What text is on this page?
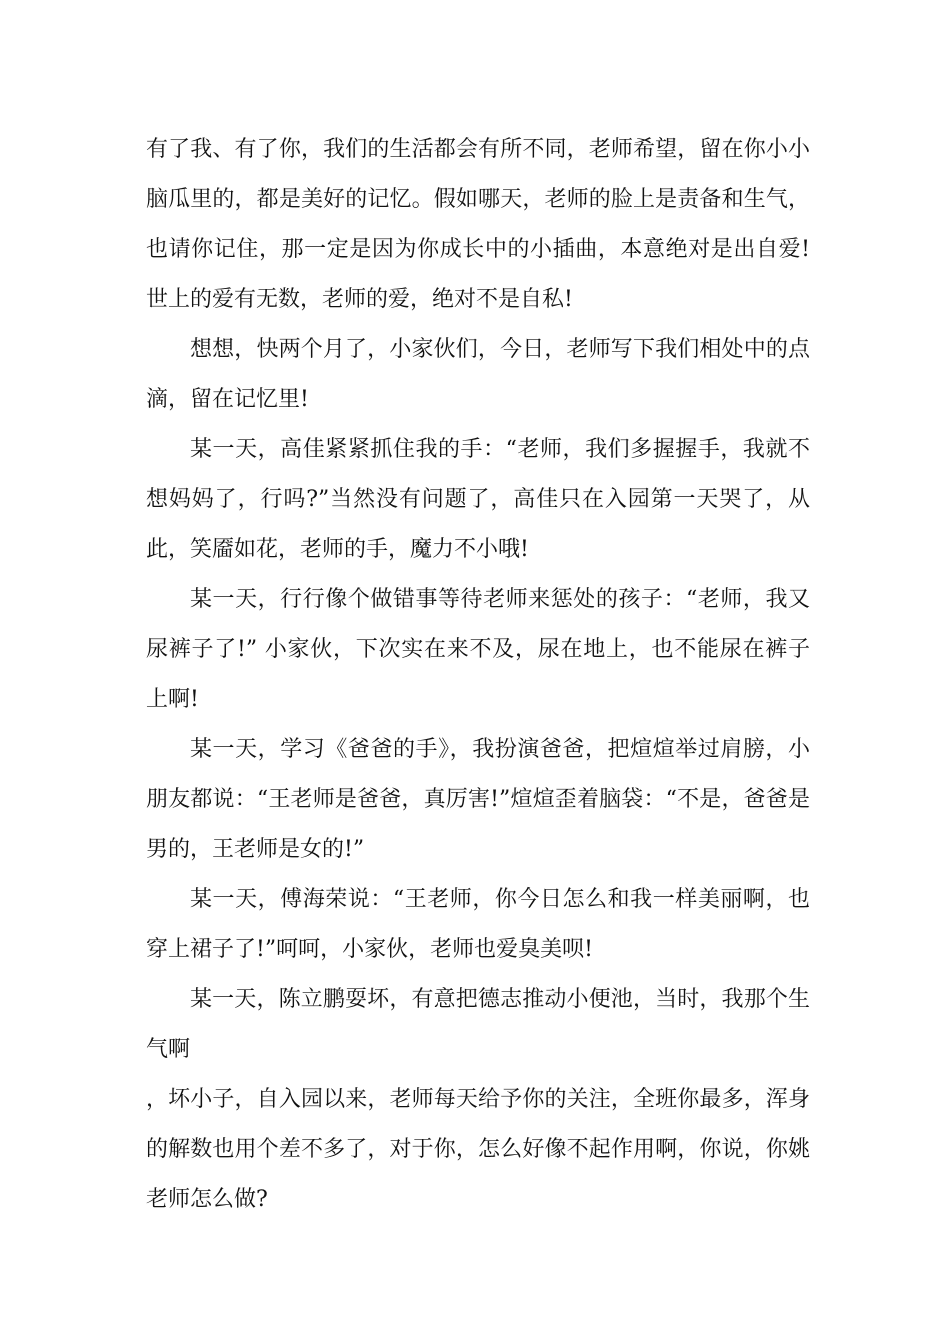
有了我、有了你，我们的生活都会有所不同，老师希望，留在你小小脑瓜里的，都是美好的记忆。假如哪天，老师的脸上是责备和生气，也请你记住，那一定是因为你成长中的小插曲，本意绝对是出自爱!世上的爱有无数，老师的爱，绝对不是自私!

想想，快两个月了，小家伙们，今日，老师写下我们相处中的点滴，留在记忆里!

某一天，高佳紧紧抓住我的手：“老师，我们多握握手，我就不想妈妈了，行吗?”当然没有问题了，高佳只在入园第一天哭了，从此，笑靥如花，老师的手，魔力不小哦!

某一天，行行像个做错事等待老师来惩处的孩子：“老师，我又尿裤子了!” 小家伙，下次实在来不及，尿在地上，也不能尿在裤子上啊!

某一天，学习《爸爸的手》，我扮演爸爸，把煊煊举过肩膀，小朋友都说：“王老师是爸爸，真厉害!”煊煊歪着脑袋：“不是，爸爸是男的，王老师是女的!”

某一天，傅海荣说：“王老师，你今日怎么和我一样美丽啊，也穿上裙子了!”呵呵，小家伙，老师也爱臭美呗!

某一天，陈立鹏耍坏，有意把德志推动小便池，当时，我那个生气啊

，坏小子，自入园以来，老师每天给予你的关注，全班你最多，浑身的解数也用个差不多了，对于你，怎么好像不起作用啊，你说，你姚老师怎么做?
